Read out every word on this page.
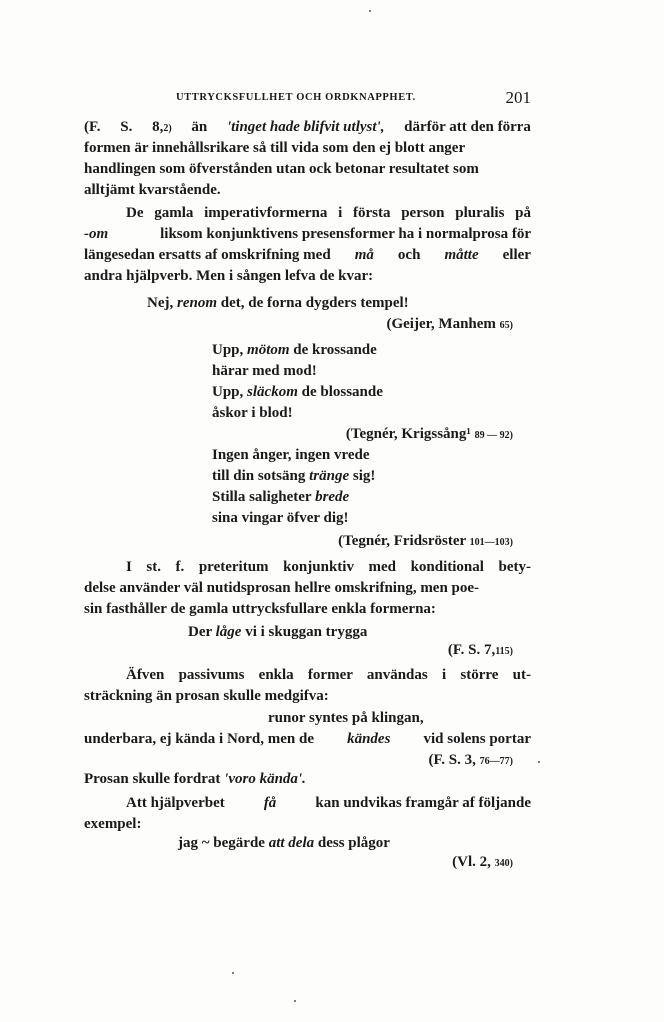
UTTRYCKSFULLHET OCH ORDKNAPPHET.	201
(F. S. 8,2) än 'tinget hade blifvit utlyst', därför att den förra
formen är innehållsrikare så till vida som den ej blott anger
handlingen som öfverstånden utan ock betonar resultatet som
alltjämt kvarstående.
De gamla imperativformerna i första person pluralis på
-om	liksom konjunktivens presensformer ha i normalprosa för
längesedan ersatts af omskrifning med må och måtte eller
andra hjälpverb. Men i sången lefva de kvar:
Nej, renom det, de forna dygders tempel!
(Geijer, Manhem 65)
Upp, mötom de krossande
härar med mod!
Upp, släckom de blossande
åskor i blod!
(Tegnér, Krigssång¹ 89 — 92)
Ingen ånger, ingen vrede
till din sotsäng tränge sig!
Stilla saligheter brede
sina vingar öfver dig!
(Tegnér, Fridsröster 101—103)
I st. f. preteritum konjunktiv med konditional bety-
delse använder väl nutidsprosan hellre omskrifning, men poe-
sin fasthåller de gamla uttrycksfullare enkla formerna:
Der låge vi i skuggan trygga
(F. S. 7,115)
Äfven passivums enkla former användas i större ut-
sträckning än prosan skulle medgifva:
runor syntes på klingan,
underbara, ej kända i Nord, men de kändes vid solens portar
(F. S. 3, 76—77)
Prosan skulle fordrat 'voro kända'.
Att hjälpverbet	få	kan undvikas framgår af följande
exempel:
jag ~ begärde att dela dess plågor
(Vl. 2, 340)
